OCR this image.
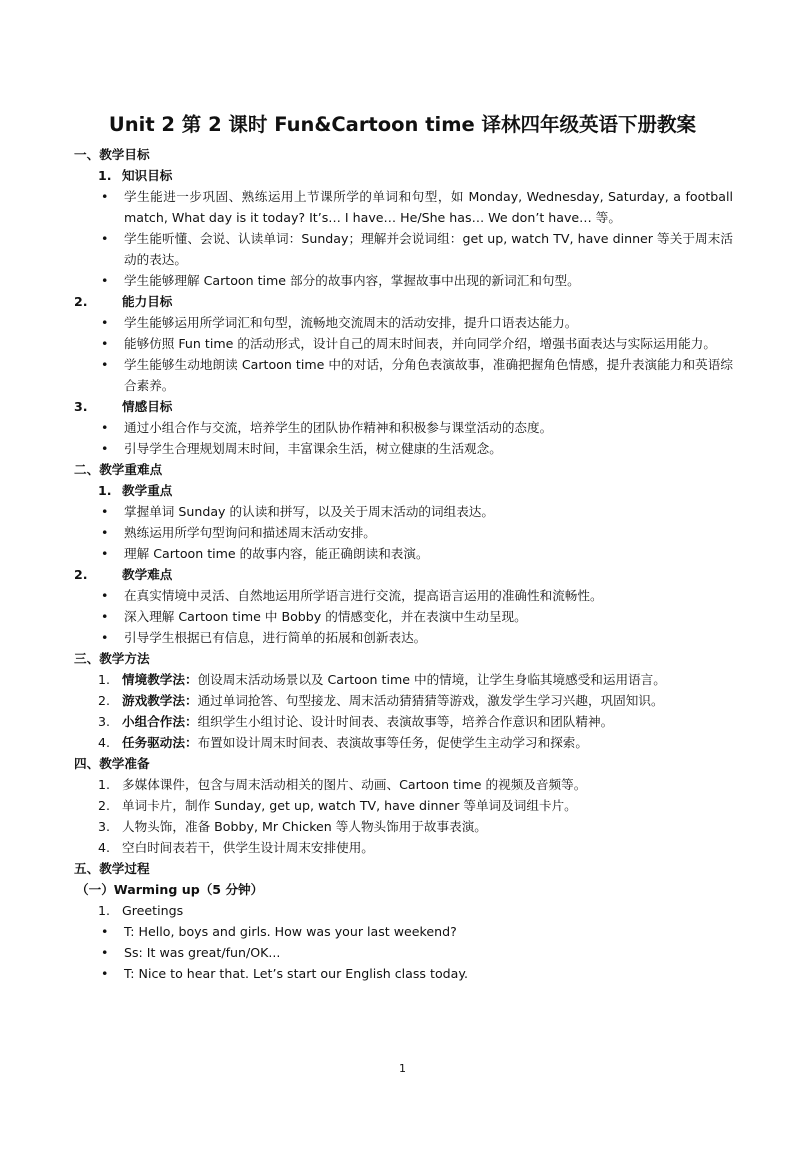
Unit 2 第 2 课时 Fun&Cartoon time 译林四年级英语下册教案
一、教学目标
1. 知识目标
• 学生能进一步巩固、熟练运用上节课所学的单词和句型，如 Monday, Wednesday, Saturday, a football match, What day is it today? It’s… I have… He/She has… We don’t have… 等。
• 学生能听懂、会说、认读单词：Sunday；理解并会说词组：get up, watch TV, have dinner 等关于周末活动的表达。
• 学生能够理解 Cartoon time 部分的故事内容，掌握故事中出现的新词汇和句型。
2.	能力目标
• 学生能够运用所学词汇和句型，流畅地交流周末的活动安排，提升口语表达能力。
• 能够仿照 Fun time 的活动形式，设计自己的周末时间表，并向同学介绍，增强书面表达与实际运用能力。
• 学生能够生动地朗读 Cartoon time 中的对话，分角色表演故事，准确把握角色情感，提升表演能力和英语综合素养。
3.	情感目标
• 通过小组合作与交流，培养学生的团队协作精神和积极参与课堂活动的态度。
• 引导学生合理规划周末时间，丰富课余生活，树立健康的生活观念。
二、教学重难点
1. 教学重点
• 掌握单词 Sunday 的认读和拼写，以及关于周末活动的词组表达。
• 熟练运用所学句型询问和描述周末活动安排。
• 理解 Cartoon time 的故事内容，能正确朗读和表演。
2.	教学难点
• 在真实情境中灵活、自然地运用所学语言进行交流，提高语言运用的准确性和流畅性。
• 深入理解 Cartoon time 中 Bobby 的情感变化，并在表演中生动呈现。
• 引导学生根据已有信息，进行简单的拓展和创新表达。
三、教学方法
1. 情境教学法：创设周末活动场景以及 Cartoon time 中的情境，让学生身临其境感受和运用语言。
2. 游戏教学法：通过单词抢答、句型接龙、周末活动猜猜猜等游戏，激发学生学习兴趣，巩固知识。
3. 小组合作法：组织学生小组讨论、设计时间表、表演故事等，培养合作意识和团队精神。
4. 任务驱动法：布置如设计周末时间表、表演故事等任务，促使学生主动学习和探索。
四、教学准备
1. 多媒体课件，包含与周末活动相关的图片、动画、Cartoon time 的视频及音频等。
2. 单词卡片，制作 Sunday, get up, watch TV, have dinner 等单词及词组卡片。
3. 人物头饰，准备 Bobby, Mr Chicken 等人物头饰用于故事表演。
4. 空白时间表若干，供学生设计周末安排使用。
五、教学过程
（一）Warming up（5 分钟）
1. Greetings
• T: Hello, boys and girls. How was your last weekend?
• Ss: It was great/fun/OK...
• T: Nice to hear that. Let’s start our English class today.
1
